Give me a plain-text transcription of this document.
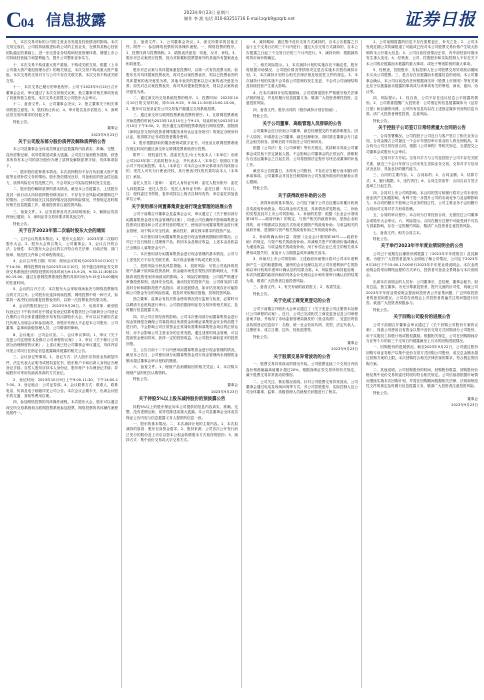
C04 信息披露	2023年9月23日 星期六
制作 李 波 电话 010-83251716 E-mail:zqrb9@zqrb.net	证券日报

九、本次交易对标的公司的主营业务发展及经营情况的影响。本次交易完成后，公司将持续推进标的公司的主营业务，在保持其核心经营团队稳定的基础上，进一步完善业务结构和经营管理体系，增强上市公司持续经营能力和盈利能力，提升公司整体竞争实力。

十、本次交易不构成重大资产重组，不构成关联交易。根据《上市公司重大资产重组管理办法》的相关规定，本次交易不构成重大资产重组。本次交易的交易对方与公司不存在关联关系，本次交易不构成关联交易。

十一、本次交易已履行的审批程序。公司于2023年9月22日召开董事会会议，审议通过了本次交易相关议案，独立董事对相关事项发表了同意的独立意见。本次交易无需提交公司股东大会审议。

十二、备查文件。1、公司董事会决议；2、独立董事关于相关事项的独立意见；3、股权转让协议；4、审计报告及评估报告；5、深圳证券交易所要求的其他文件。

特此公告。

董事会

2023年9月23日

关于公司股东部分股份质押及解除质押的公告

本公司及董事会全体成员保证信息披露的内容真实、准确、完整，没有虚假记载、误导性陈述或重大遗漏。公司近日接到股东通知，获悉其所持有本公司的部分股份办理了质押及解除质押手续，具体事项如下。

一、股东股份质押基本情况。本次质押股份不存在负担重大资产重组等业绩补偿义务的情形。股东资信情况良好，具备相应的资金偿还能力，质押风险在可控范围之内，不会导致公司实际控制权发生变更。

二、股东股份解除质押的基本情况。截至本公告披露日，上述股东及其一致行动人所持质押股份情况如下，不存在平仓风险或被强制过户的情形，公司将持续关注其质押情况及质押风险情况，并按规定及时做好相关信息披露工作，敬请投资者注意投资风险。

三、备查文件。1、证券质押及司法冻结明细表；2、解除证券质押登记通知；3、深圳证券交易所要求的其他文件。

特此公告。

关于召开2023年第二次临时股东大会的通知

一、召开会议的基本情况。1、股东大会届次：2023年第二次临时股东大会。2、股东大会的召集人：公司董事会。3、会议召开的合法、合规性：本次股东大会会议的召开符合有关法律、行政法规、部门规章、规范性文件和公司章程的规定。

4、会议召开的日期、时间：现场会议时间为2023年10月10日下午14:30；网络投票时间为2023年10月10日，其中通过深圳证券交易所交易系统进行网络投票的具体时间为9:15-9:25，9:30-11:30和13:00-15:00；通过互联网投票系统投票的具体时间为9:15至15:00期间的任意时间。

5、会议的召开方式：本次股东大会采取现场表决与网络投票相结合的方式召开。公司股东应选择现场投票、网络投票中的一种方式，如果同一表决权出现重复投票表决的，以第一次投票表决结果为准。

6、会议的股权登记日：2023年9月28日。7、出席对象：截至股权登记日下午收市时在中国证券登记结算有限责任公司深圳分公司登记在册的公司全体普通股股东均有权出席股东大会，并可以以书面形式委托代理人出席会议和参加表决，该股东代理人不必是本公司股东；公司董事、监事和高级管理人员；公司聘请的律师。

8、会议地点：公司会议室。二、会议审议事项。1、审议《关于变更公司注册资本及修订公司章程的议案》；2、审议《关于修订公司部分治理制度的议案》。上述议案已经公司董事会审议通过，具体内容详见公司同日在指定信息披露媒体披露的相关公告。

三、会议登记等事项。1、登记方式：法人股东应持营业执照复印件、法定代表人证明书或授权委托书、股东账户卡和出席人身份证办理登记手续；自然人股东应持本人身份证、股东账户卡办理登记手续；异地股东可采用信函或传真的方式登记。

2、登记时间：2023年10月9日上午9:00-11:30，下午14:00-17:00。3、登记地点：公司证券部。4、会议联系方式：联系人、联系电话、传真及电子邮箱详见公司公告。本次会议会期半天，出席会议股东的交通、食宿等费用自理。

四、参加网络投票的具体操作流程。本次股东大会，股东可以通过深交所交易系统和互联网投票系统参加投票，网络投票的具体操作流程见附件一。

五、备查文件。1、公司董事会决议；2、深交所要求的其他文件。附件一：参加网络投票的具体操作流程。一、网络投票的程序。1、投票代码与投票简称。2、填报表决意见：同意、反对、弃权。3、股东对总议案进行投票，视为对除累积投票提案外的其他所有提案表达相同意见。

股东对总议案与具体提案重复投票时，以第一次有效投票为准。如股东先对具体提案投票表决，再对总议案投票表决，则以已投票表决的具体提案的表决意见为准，其他未表决的提案以总议案的表决意见为准；如先对总议案投票表决，再对具体提案投票表决，则以总议案的表决意见为准。

二、通过深交所交易系统投票的程序。1、投票时间：2023年10月10日的交易时间，即9:15-9:25，9:30-11:30和13:00-15:00。2、股东可以登录证券公司交易客户端通过交易系统投票。

三、通过深交所互联网投票系统投票的程序。1、互联网投票系统开始投票的时间为2023年10月10日上午9:15，结束时间为2023年10月10日下午3:00。2、股东通过互联网投票系统进行网络投票，需按照《深圳证券交易所投资者网络服务身份认证业务指引》的规定办理身份认证，取得数字证书或投资者服务密码。

3、股东根据获取的服务密码或数字证书，可登录互联网投票系统在规定时间内通过深交所互联网投票系统进行投票。

附件二：授权委托书。兹委托先生/女士代表本人（本单位）出席公司2023年第二次临时股东大会，并代表本人（本单位）依照以下指示对下列议案投票。本人（本单位）对本次会议审议事项未作具体指示的，受托人可代为行使表决权，其行使表决权的后果均由本人（本单位）承担。

委托人签名（盖章）：委托人身份证号码：委托人股东账号：委托人持股数量：受托人签名：受托人身份证号码：委托日期：年月日。注：授权委托书剪报、复印或按以上格式自制均有效；单位委托须加盖单位公章。

关于使用部分闲置募集资金进行现金管理的进展公告

公司于前期召开董事会及监事会会议，审议通过了《关于使用部分闲置募集资金进行现金管理的议案》，同意公司在确保不影响募集资金投资项目建设和公司正常经营的情况下，使用部分闲置募集资金进行现金管理，用于购买安全性高、流动性好、满足保本要求的投资产品。

一、本次使用部分闲置募集资金进行现金管理到期赎回的情况。公司已于近日赎回上述理财产品，收回本金及相应收益，上述本金及收益已全额存入募集资金专户。

二、本次使用部分闲置募集资金进行现金管理的基本情况。公司与上述受托方不存在关联关系，本次现金管理不构成关联交易。

三、投资风险分析及风控措施。1、投资风险：尽管公司选择的投资产品属于低风险投资品种，但金融市场受宏观经济的影响较大，不排除该项投资受到市场波动的影响。2、风险控制措施：公司将严格遵守审慎投资原则，选择安全性高、流动性好的投资产品；公司财务部门将及时分析和跟踪投资产品投向、项目进展情况，如评估发现存在可能影响公司资金安全的风险因素，将及时采取相应措施，控制投资风险。

独立董事、监事会有权对资金使用情况进行监督与检查，必要时可以聘请专业机构进行审计。公司将依据深圳证券交易所的相关规定，及时履行信息披露义务。

四、对公司日常经营的影响。公司本次使用部分闲置募集资金进行现金管理是在确保公司募投项目所需资金和保证募集资金安全的前提下进行的，不会影响公司日常资金正常周转需要和募集资金项目的正常运转，亦不会影响公司主营业务的正常发展。通过适度的现金管理，可以提高资金使用效率，获得一定的投资收益，为公司股东谋取更多的投资回报。

五、公告日前十二个月内使用闲置募集资金进行现金管理的情况。截至本公告日，公司使用部分闲置募集资金进行现金管理尚未到期的金额未超过董事会审议授权的额度。

六、备查文件。1、理财产品到期赎回的相关凭证；2、本次购买理财产品的相关认购资料。

特此公告。

董事会

2023年9月23日

关于持股5%以上股东减持股份的预披露公告

持股5%以上的股东保证向本公司提供的信息内容真实、准确、完整，没有虚假记载、误导性陈述或重大遗漏。本公司及董事会全体成员保证公告内容与信息披露义务人提供的信息一致。

一、股东的基本情况。二、本次减持计划的主要内容。1、本次拟减持的原因：股东自身资金需求。2、股份来源：公司首次公开发行前已发行的股份及上市后以资本公积金转增股本方式取得的股份。3、减持方式：集中竞价交易或大宗交易方式。

4、减持期间：通过集中竞价交易方式减持的，自本公告披露之日起十五个交易日后的三个月内进行；通过大宗交易方式减持的，自本公告披露之日起三个交易日后的三个月内进行。5、减持价格：根据减持时的市场价格确定。

三、相关风险提示。1、本次减持计划的实施存在不确定性，股东将根据市场情况、公司股价情况等情形决定是否实施本次股份减持计划。2、本次减持计划符合相关法律法规及规范性文件的规定。3、本次减持计划的实施不会导致公司控制权发生变更，不会对公司治理结构及持续经营产生重大影响。

4、在本次减持计划实施期间，公司将督促股东严格遵守相关法律法规的规定，并及时履行信息披露义务。敬请广大投资者理性投资，注意投资风险。

四、备查文件。股东出具的《股份减持计划告知函》。

特此公告。

关于公司董事、高级管理人员辞职的公告

公司董事会近日收到公司董事、副总经理提交的书面辞职报告。因个人原因，申请辞去公司董事、副总经理职务，同时辞去董事会专门委员会相关职务。辞职后将不再担任公司任何职务。

根据《公司法》及《公司章程》等有关规定，其辞职未导致公司董事会成员低于法定最低人数，不会影响公司董事会的正常运作，辞职报告自送达董事会之日起生效。公司将按照法定程序尽快完成董事的补选工作。

截至本公告披露日，未持有公司股份，不存在应当履行而未履行的承诺事项。公司董事会对其在任职期间为公司发展所做出的贡献表示衷心感谢。

特此公告。

关于获得政府补助的公告

一、获得补助的基本情况。公司及下属子公司自近期以来累计收到各类政府补助资金，均以现金形式发放，具体情况详见附表。二、补助的类型及其对上市公司的影响。1、补助的类型：根据《企业会计准则第16号——政府补助》的规定，与资产相关的政府补助，是指企业取得的、用于购建或以其他方式形成长期资产的政府补助；与收益相关的政府补助，是指除与资产相关的政府补助之外的政府补助。

2、补助的确认和计量：按照《企业会计准则第16号——政府补助》的规定，与资产相关的政府补助，冲减相关资产的账面价值或确认为递延收益；与收益相关的政府补助，用于补偿企业已发生的相关成本费用或损失的，直接计入当期损益或冲减相关成本。

3、补助对上市公司的影响：上述政府补助预计将对公司本年度利润产生一定的积极影响，最终的会计处理以及对公司年度利润产生的影响以审计机构年度审计确认后的结果为准。4、风险提示和其他说明：本次所披露的政府补助的具体会计处理以会计师年度审计确认后的结果为准，敬请广大投资者注意投资风险。

三、备查文件。1、有关补助的政府批文；2、收款凭证。

特此公告。

关于完成工商变更登记的公告

公司于前期召开股东大会审议通过了《关于变更公司注册资本及修订公司章程的议案》。近日，公司已完成相关工商变更登记及公司章程备案手续，并取得了市场监督管理局换发的《营业执照》，变更后的营业执照登记信息如下：名称、统一社会信用代码、类型、法定代表人、注册资本、成立日期、住所、经营范围等。

特此公告。

董事会

2023年9月23日

关于股票交易异常波动的公告

一、股票交易异常波动的情况介绍。公司股票连续三个交易日内收盘价格涨幅偏离值累计超过20%，根据深圳证券交易所的有关规定，属于股票交易异常波动的情形。

二、公司关注、核实情况说明。针对公司股票交易异常波动，公司董事会通过电话及现场问询等方式，对公司控股股东、实际控制人及公司全体董事、监事、高级管理人员就相关问题进行了核实。

1、公司前期披露的信息不存在需要更正、补充之处；2、公司未发现近期公共传媒报道了可能或已经对本公司股票交易价格产生较大影响的未公开重大信息；3、公司目前经营情况正常，内外部经营环境未发生重大变化；4、经核查，公司、控股股东和实际控制人不存在关于本公司的应披露而未披露的重大事项，或处于筹划阶段的重大事项。

5、经核查，控股股东、实际控制人在公司股票交易异常波动期间未买卖公司股票。三、是否存在应披露而未披露信息的说明。本公司董事会确认，本公司目前没有任何根据深交所《股票上市规则》等有关规定应予以披露而未披露的事项或与该事项有关的筹划、商谈、意向、协议等。

四、风险提示。1、经自查，公司不存在违反信息公平披露的情形。2、公司郑重提醒广大投资者：公司指定的信息披露媒体为《证券日报》和巨潮资讯网，公司所有信息均以在上述指定媒体刊登的信息为准。请广大投资者理性投资，注意风险。

特此公告。

关于控股子公司签订日常经营重大合同的公告

一、合同签署概况。公司控股子公司近日与客户签订了相关业务合同，合同金额占公司最近一个会计年度经审计营业收入的比例较高。本合同为公司日常经营合同，根据《公司章程》等相关规定，无需提交公司董事会或股东大会审议。

二、交易对手方介绍。交易对手方与公司及控股子公司不存在关联关系，最近三个会计年度与公司未发生类似业务交易。交易对手方信用状况良好，具备良好的履约能力。

三、合同的主要内容。1、合同标的；2、合同金额；3、结算方式；4、履行期限；5、违约责任；6、合同生效条件：合同自双方签字盖章之日起生效。

四、合同对上市公司的影响。本合同的签订和履行将对公司未来经营业绩产生积极影响，有利于进一步提升公司的市场竞争力及品牌影响力。本合同的履行不影响公司业务的独立性，公司主要业务不会因履行合同而对交易对手方形成依赖。

五、合同的审议程序。本合同为日常经营合同，无需经过公司董事会或股东大会审议。六、风险提示。合同在履行过程中可能受到不可抗力因素影响，存在一定的履约风险，敬请广大投资者注意投资风险。

七、备查文件。相关合同文本。

特此公告。

关于举行2023年半年度业绩说明会的公告

公司已于前期在巨潮资讯网披露了《2023年半年度报告》及其摘要。为便于广大投资者更深入全面地了解公司情况，公司定于2023年9月28日下午15:00-17:00举行2023年半年度业绩说明会。本次业绩说明会将采用网络远程的方式举行，投资者可登录全景网参与本次说明会。

出席本次说明会的人员有：公司董事长、总经理、董事会秘书、财务总监、独立董事。为充分尊重投资者、提升交流的针对性，现就公司2023年半年度业绩说明会提前向投资者公开征集问题，广泛听取投资者的意见和建议。公司将在说明会上对投资者普遍关注的问题进行回答。欢迎广大投资者积极参与。

特此公告。

关于回购公司股份的进展公告

公司于前期召开董事会审议通过了《关于回购公司股份方案的议案》，同意公司使用自有资金以集中竞价交易方式回购部分公司股份，用于实施员工持股计划或股权激励。根据相关规定，公司在回购期间应当在每个月的前三个交易日内披露截至上月末的回购进展情况。

一、回购股份的进展情况。截至2023年9月22日，公司通过股份回购专用证券账户以集中竞价交易方式回购公司股份，成交总金额未超过回购方案的上限。本次回购符合相关法律法规的要求，符合既定的回购方案。

二、其他说明。公司回购股份的时间、回购股份数量、回购股份价格及集中竞价交易的委托时段均符合相关规定。公司后续将根据市场情况继续实施本次回购计划，并将在回购期间根据相关法律、法规和规范性文件的规定及时履行信息披露义务，敬请广大投资者注意投资风险。

特此公告。

董事会

2023年9月23日
